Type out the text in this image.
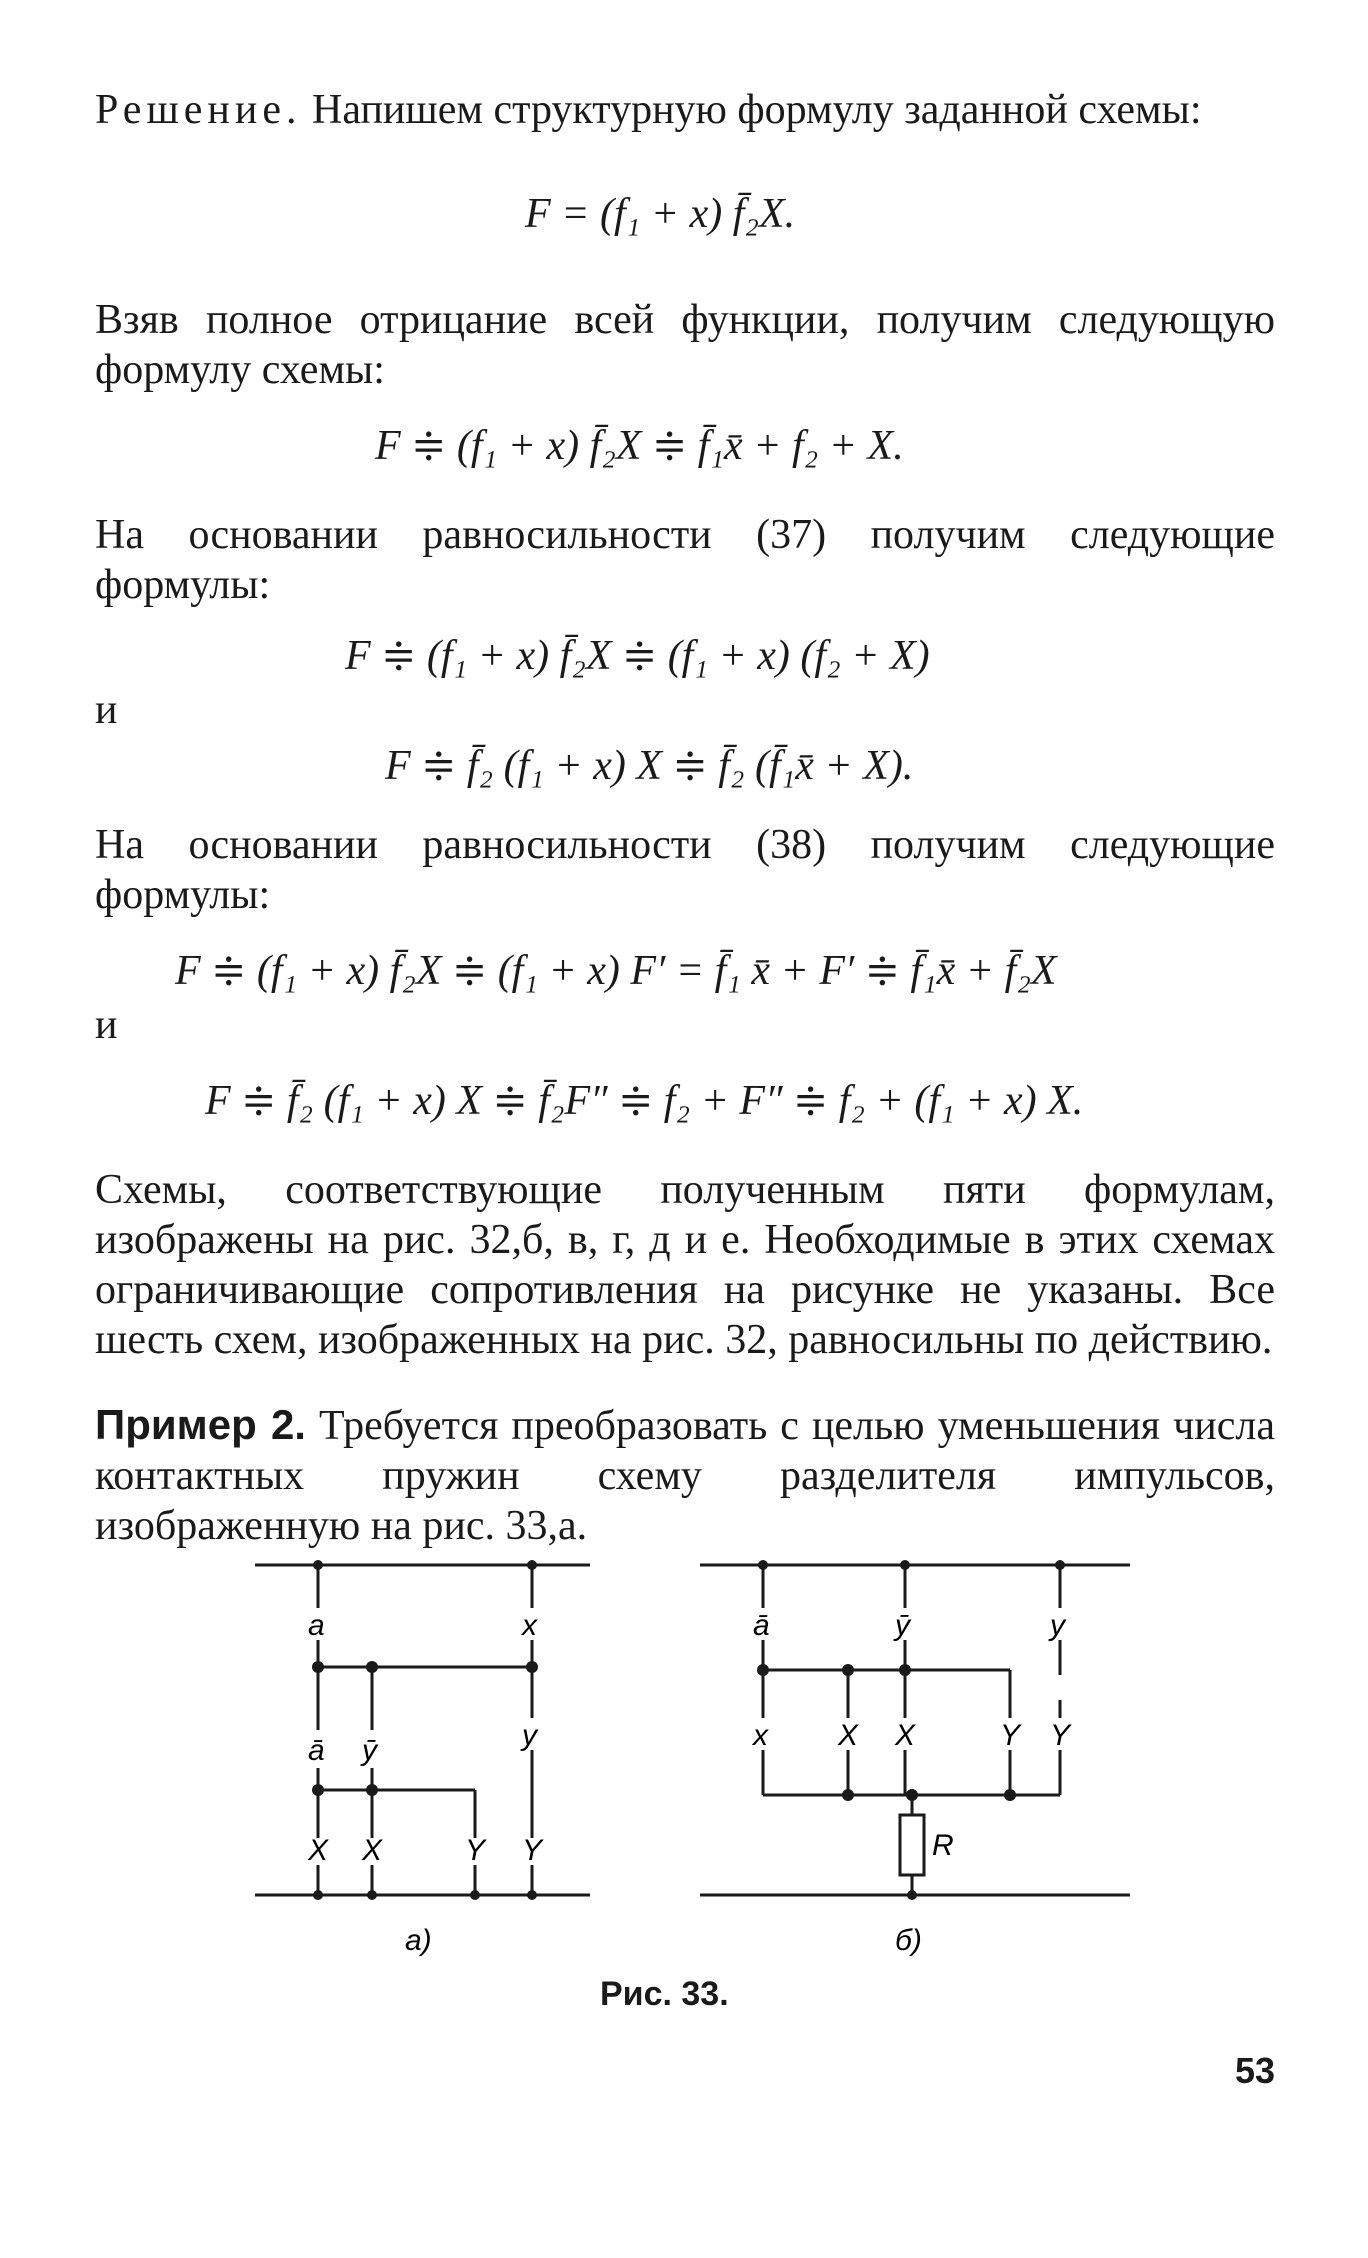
Решение. Напишем структурную формулу заданной схемы:
F = (f₁ + x) f̄₂X.
Взяв полное отрицание всей функции, получим следующую формулу схемы:
F ≑ (f₁ + x) f̄₂X ≑ f̄₁x̄ + f₂ + X.
На основании равносильности (37) получим следующие формулы:
F ≑ (f₁ + x) f̄₂X ≑ (f₁ + x) (f₂ + X)
и
F ≑ f̄₂ (f₁ + x) X ≑ f̄₂ (f̄₁x̄ + X).
На основании равносильности (38) получим следующие формулы:
F ≑ (f₁ + x) f̄₂X ≑ (f₁ + x) F′ = f̄₁ x̄ + F′ ≑ f̄₁x̄ + f̄₂X
и
F ≑ f̄₂ (f₁ + x) X ≑ f̄₂F″ ≑ f₂ + F″ ≑ f₂ + (f₁ + x) X.
Схемы, соответствующие полученным пяти формулам, изображены на рис. 32,б, в, г, д и е. Необходимые в этих схемах ограничивающие сопротивления на рисунке не указаны. Все шесть схем, изображенных на рис. 32, равносильны по действию.
Пример 2. Требуется преобразовать с целью уменьшения числа контактных пружин схему разделителя импульсов, изображенную на рис. 33,а.
a	x
ā ȳ	y
X X	Y Y
ā	ȳ	y
x X X	Y Y
R
а)	б)
Рис. 33.
53
